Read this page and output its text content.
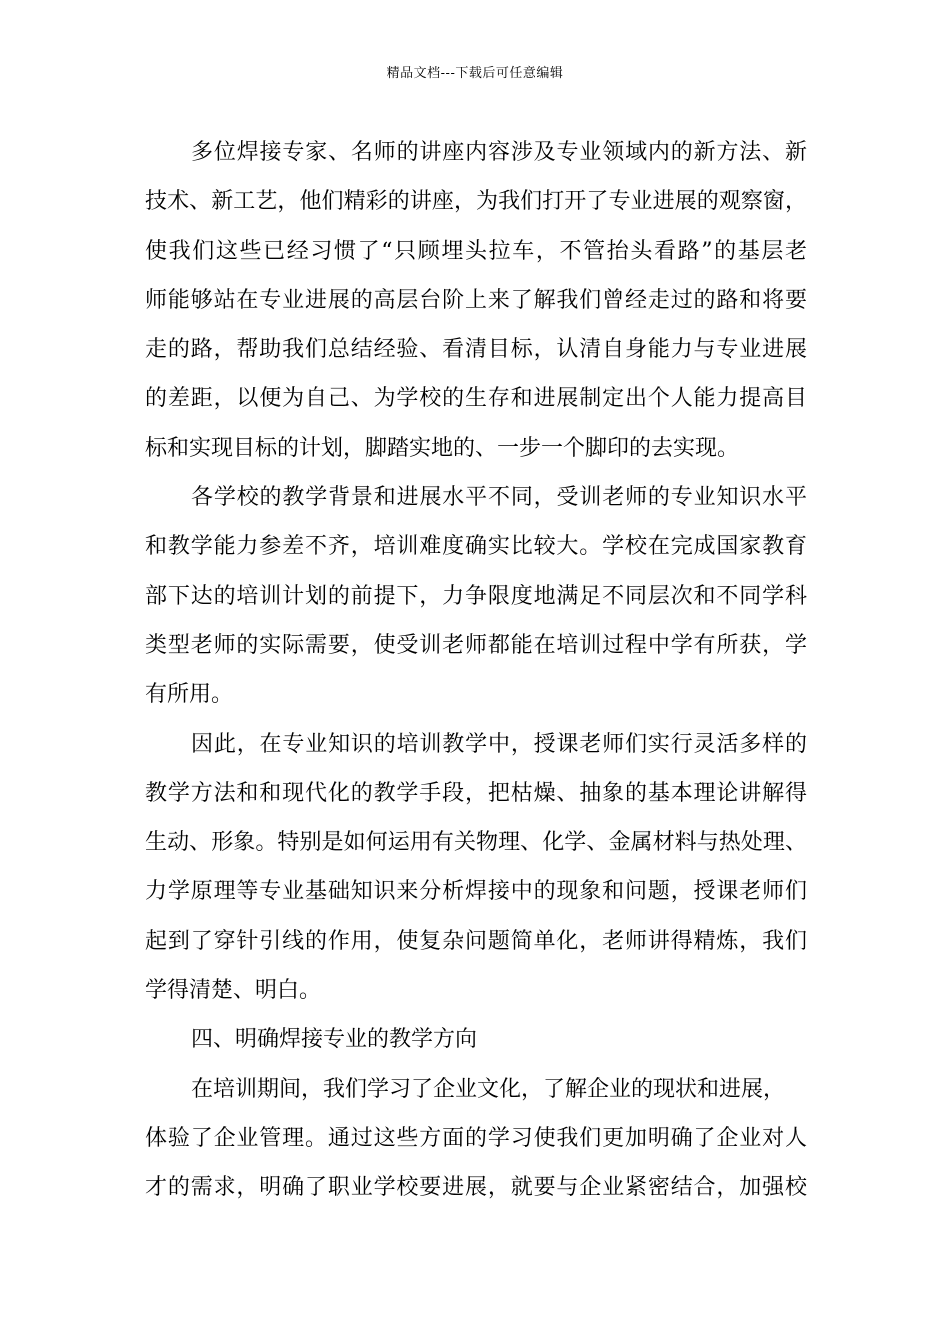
精品文档---下载后可任意编辑
多位焊接专家、名师的讲座内容涉及专业领域内的新方法、新
技术、新工艺，他们精彩的讲座，为我们打开了专业进展的观察窗，
使我们这些已经习惯了“只顾埋头拉车，不管抬头看路”的基层老
师能够站在专业进展的高层台阶上来了解我们曾经走过的路和将要
走的路，帮助我们总结经验、看清目标，认清自身能力与专业进展
的差距，以便为自己、为学校的生存和进展制定出个人能力提高目
标和实现目标的计划，脚踏实地的、一步一个脚印的去实现。
各学校的教学背景和进展水平不同，受训老师的专业知识水平
和教学能力参差不齐，培训难度确实比较大。学校在完成国家教育
部下达的培训计划的前提下，力争限度地满足不同层次和不同学科
类型老师的实际需要，使受训老师都能在培训过程中学有所获，学
有所用。
因此，在专业知识的培训教学中，授课老师们实行灵活多样的
教学方法和和现代化的教学手段，把枯燥、抽象的基本理论讲解得
生动、形象。特别是如何运用有关物理、化学、金属材料与热处理、
力学原理等专业基础知识来分析焊接中的现象和问题，授课老师们
起到了穿针引线的作用，使复杂问题简单化，老师讲得精炼，我们
学得清楚、明白。
四、明确焊接专业的教学方向
在培训期间，我们学习了企业文化，了解企业的现状和进展，
体验了企业管理。通过这些方面的学习使我们更加明确了企业对人
才的需求，明确了职业学校要进展，就要与企业紧密结合，加强校
